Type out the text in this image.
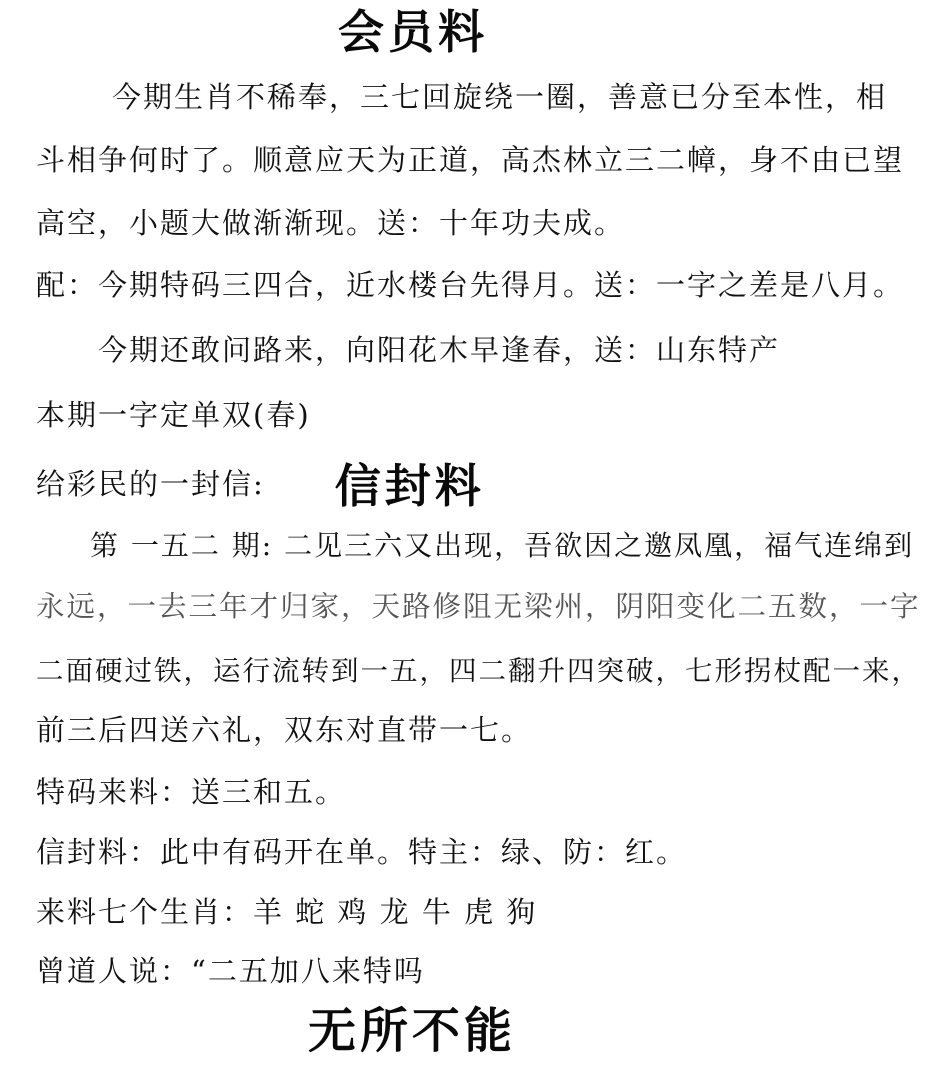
会员料
今期生肖不稀奉，三七回旋绕一圈，善意已分至本性，相
斗相争何时了。顺意应天为正道，高杰林立三二幛，身不由已望
高空，小题大做渐渐现。送：十年功夫成。
配：今期特码三四合，近水楼台先得月。送：一字之差是八月。
今期还敢问路来，向阳花木早逢春，送：山东特产
本期一字定单双(春)
给彩民的一封信: 信封料
第 一五二 期: 二见三六又出现，吾欲因之邀凤凰，福气连绵到
永远，一去三年才归家，天路修阻无梁州，阴阳变化二五数，一字
二面硬过铁，运行流转到一五，四二翻升四突破，七形拐杖配一来，
前三后四送六礼，双东对直带一七。
特码来料：送三和五。
信封料：此中有码开在单。特主：绿、防：红。
来料七个生肖：羊 蛇 鸡 龙 牛 虎 狗
曾道人说：“二五加八来特吗
无所不能
